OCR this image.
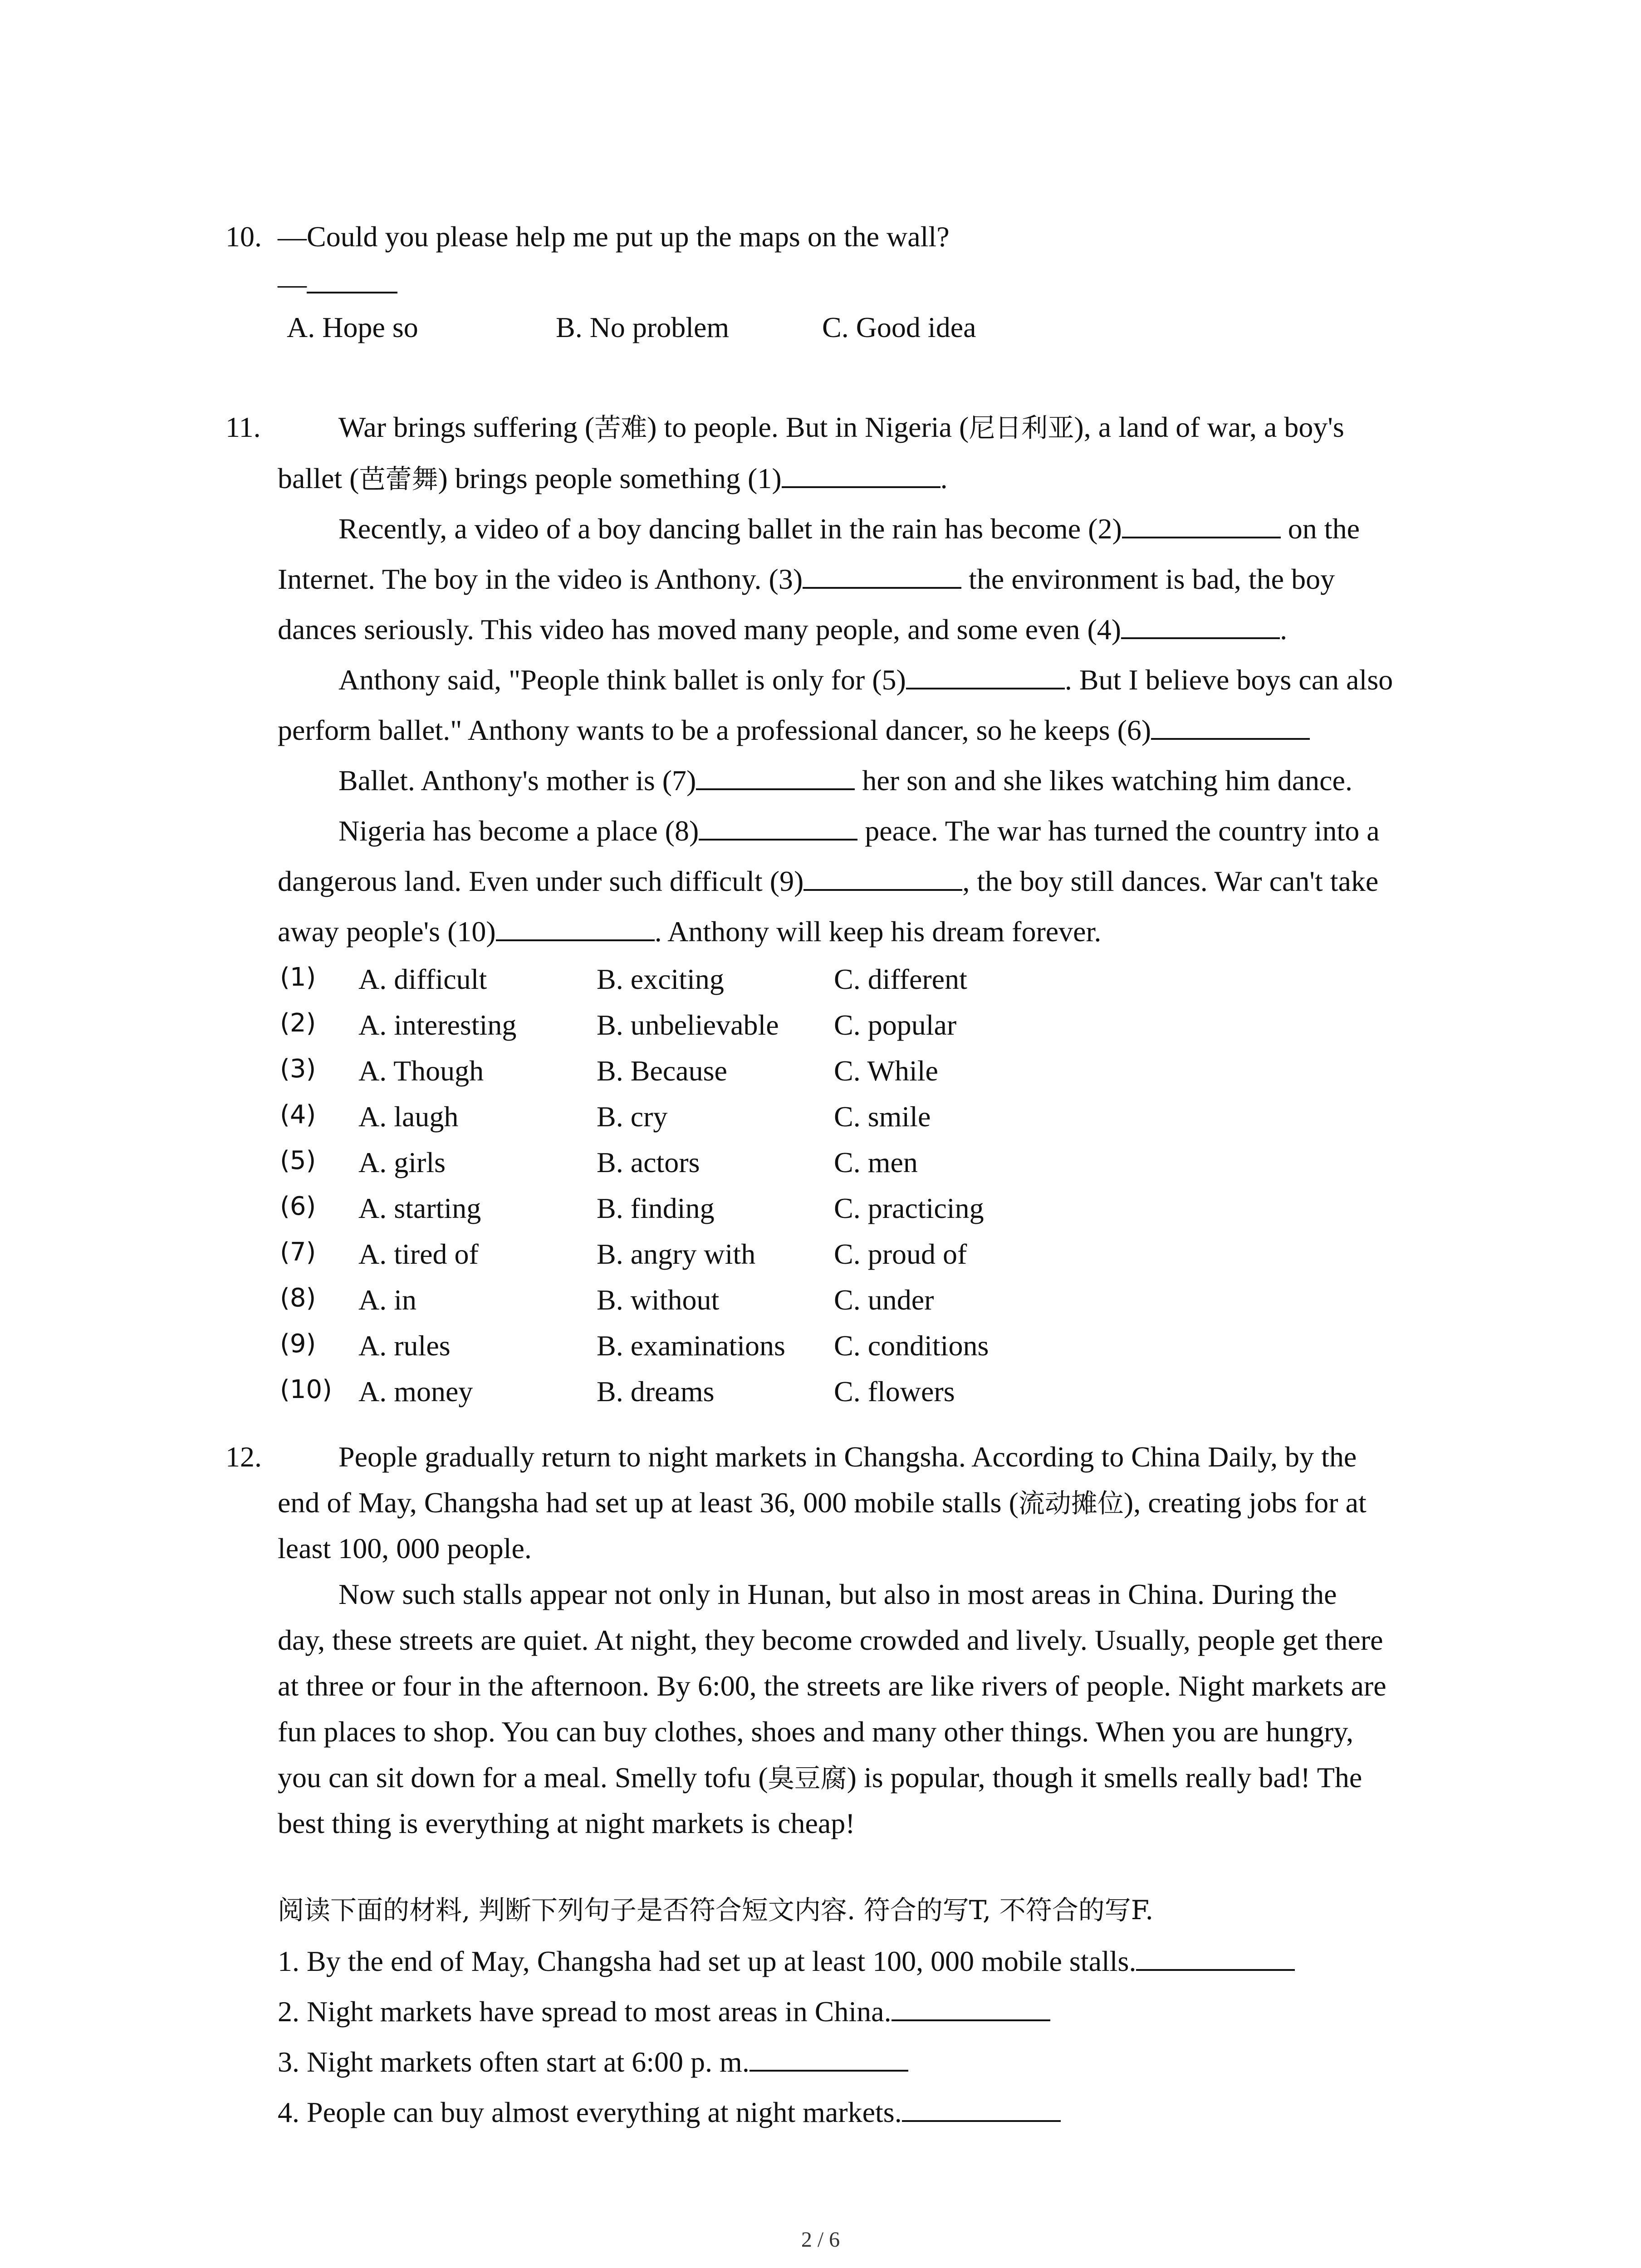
10. —Could you please help me put up the maps on the wall?
—
A. Hope so	B. No problem	C. Good idea
11.	War brings suffering (苦难) to people. But in Nigeria (尼日利亚), a land of war, a boy's
ballet (芭蕾舞) brings people something (1)	.
Recently, a video of a boy dancing ballet in the rain has become (2)	on the
Internet. The boy in the video is Anthony. (3)	the environment is bad, the boy
dances seriously. This video has moved many people, and some even (4)	.
Anthony said, "People think ballet is only for (5)	. But I believe boys can also
perform ballet." Anthony wants to be a professional dancer, so he keeps (6)
Ballet. Anthony's mother is (7)	her son and she likes watching him dance.
Nigeria has become a place (8)	peace. The war has turned the country into a
dangerous land. Even under such difficult (9)	, the boy still dances. War can't take
away people's (10)	. Anthony will keep his dream forever.
(1) A. difficult	B. exciting	C. different
(2) A. interesting	B. unbelievable C. popular
(3) A. Though	B. Because	C. While
(4) A. laugh	B. cry	C. smile
(5) A. girls	B. actors	C. men
(6) A. starting	B. finding	C. practicing
(7) A. tired of	B. angry with	C. proud of
(8) A. in	B. without	C. under
(9) A. rules	B. examinations C. conditions
(10) A. money	B. dreams	C. flowers
12.	People gradually return to night markets in Changsha. According to China Daily, by the
end of May, Changsha had set up at least 36, 000 mobile stalls (流动摊位), creating jobs for at
least 100, 000 people.
Now such stalls appear not only in Hunan, but also in most areas in China. During the
day, these streets are quiet. At night, they become crowded and lively. Usually, people get there
at three or four in the afternoon. By 6:00, the streets are like rivers of people. Night markets are
fun places to shop. You can buy clothes, shoes and many other things. When you are hungry,
you can sit down for a meal. Smelly tofu (臭豆腐) is popular, though it smells really bad! The
best thing is everything at night markets is cheap!
阅读下面的材料, 判断下列句子是否符合短文内容. 符合的写T, 不符合的写F.
1. By the end of May, Changsha had set up at least 100, 000 mobile stalls.
2. Night markets have spread to most areas in China.
3. Night markets often start at 6:00 p. m.
4. People can buy almost everything at night markets.
2 / 6
